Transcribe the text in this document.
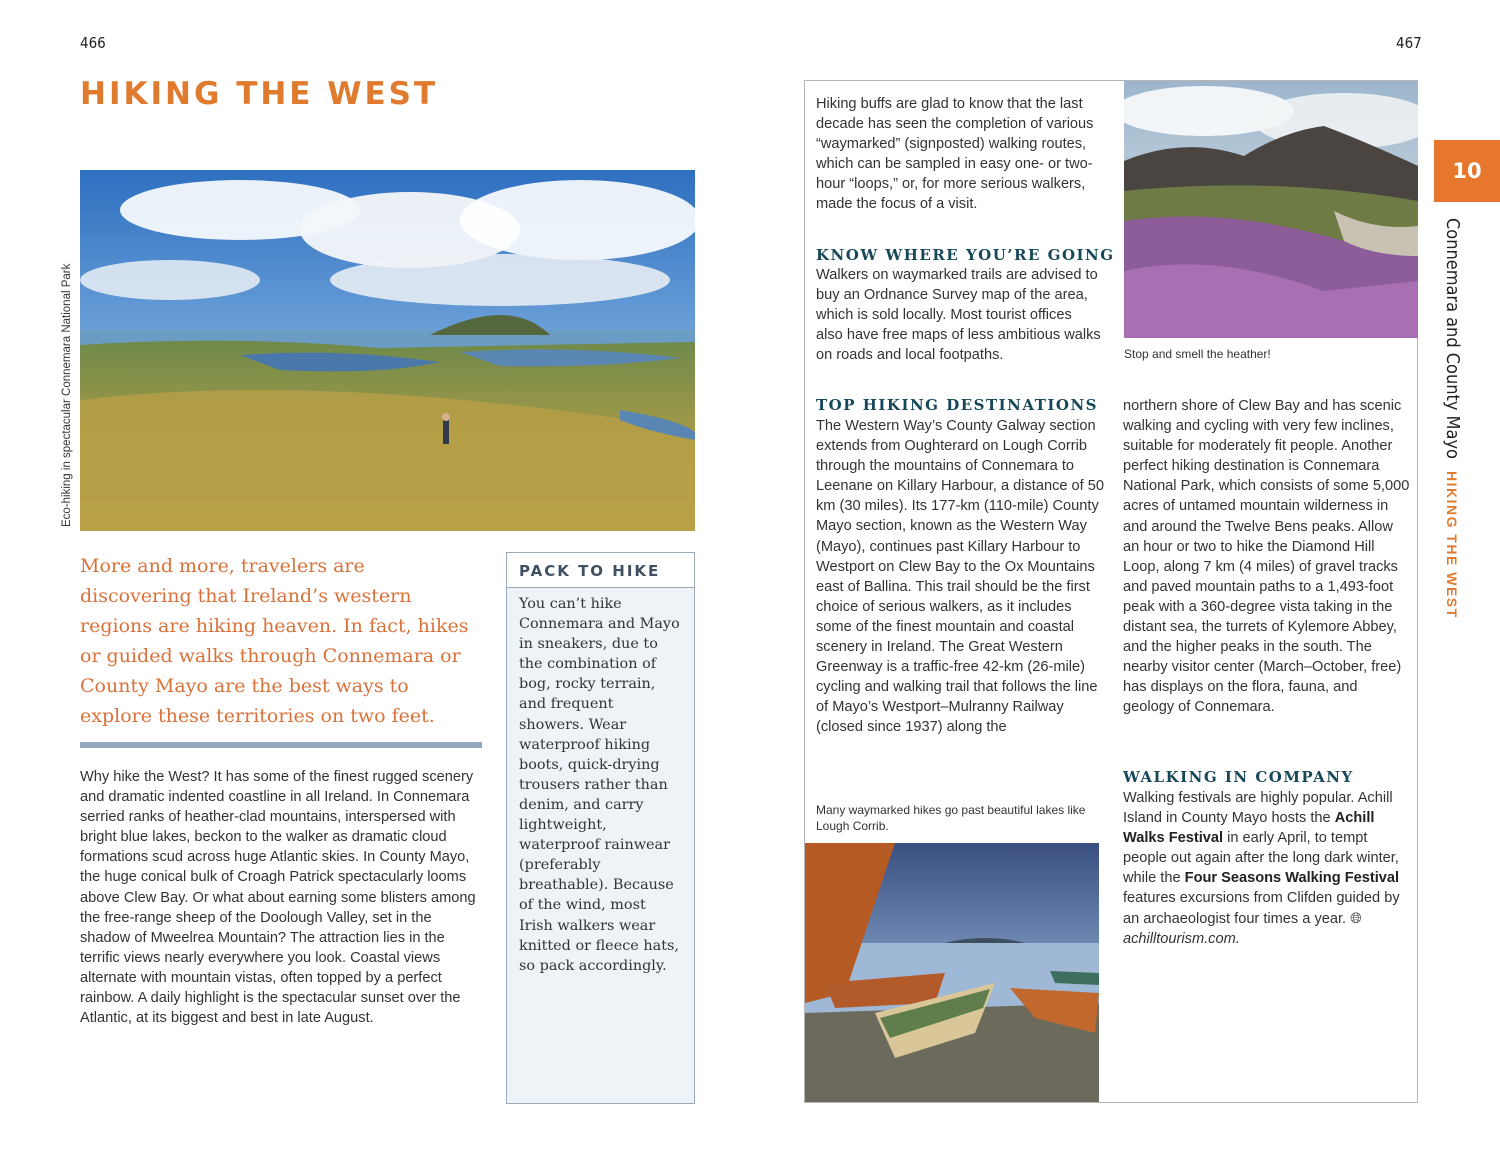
466	467
HIKING THE WEST
Eco-hiking in spectacular Connemara National Park
More and more, travelers are discovering that Ireland’s western regions are hiking heaven. In fact, hikes or guided walks through Connemara or County Mayo are the best ways to explore these territories on two feet.
Why hike the West? It has some of the finest rugged scenery and dramatic indented coastline in all Ireland. In Connemara serried ranks of heather-clad mountains, interspersed with bright blue lakes, beckon to the walker as dramatic cloud formations scud across huge Atlantic skies. In County Mayo, the huge conical bulk of Croagh Patrick spectacularly looms above Clew Bay. Or what about earning some blisters among the free-range sheep of the Doolough Valley, set in the shadow of Mweelrea Mountain? The attraction lies in the terrific views nearly everywhere you look. Coastal views alternate with mountain vistas, often topped by a perfect rainbow. A daily highlight is the spectacular sunset over the Atlantic, at its biggest and best in late August.
PACK TO HIKE
You can’t hike Connemara and Mayo in sneakers, due to the combination of bog, rocky terrain, and frequent showers. Wear waterproof hiking boots, quick-drying trousers rather than denim, and carry lightweight, waterproof rainwear (preferably breathable). Because of the wind, most Irish walkers wear knitted or fleece hats, so pack accordingly.
Hiking buffs are glad to know that the last decade has seen the completion of various “waymarked” (signposted) walking routes, which can be sampled in easy one- or two-hour “loops,” or, for more serious walkers, made the focus of a visit.
KNOW WHERE YOU’RE GOING
Walkers on waymarked trails are advised to buy an Ordnance Survey map of the area, which is sold locally. Most tourist offices also have free maps of less ambitious walks on roads and local footpaths.
TOP HIKING DESTINATIONS
The Western Way’s County Galway section extends from Oughterard on Lough Corrib through the mountains of Connemara to Leenane on Killary Harbour, a distance of 50 km (30 miles). Its 177-km (110-mile) County Mayo section, known as the Western Way (Mayo), continues past Killary Harbour to Westport on Clew Bay to the Ox Mountains east of Ballina. This trail should be the first choice of serious walkers, as it includes some of the finest mountain and coastal scenery in Ireland. The Great Western Greenway is a traffic-free 42-km (26-mile) cycling and walking trail that follows the line of Mayo’s Westport–Mulranny Railway (closed since 1937) along the
Many waymarked hikes go past beautiful lakes like Lough Corrib.
Stop and smell the heather!
northern shore of Clew Bay and has scenic walking and cycling with very few inclines, suitable for moderately fit people. Another perfect hiking destination is Connemara National Park, which consists of some 5,000 acres of untamed mountain wilderness in and around the Twelve Bens peaks. Allow an hour or two to hike the Diamond Hill Loop, along 7 km (4 miles) of gravel tracks and paved mountain paths to a 1,493-foot peak with a 360-degree vista taking in the distant sea, the turrets of Kylemore Abbey, and the higher peaks in the south. The nearby visitor center (March–October, free) has displays on the flora, fauna, and geology of Connemara.
WALKING IN COMPANY
Walking festivals are highly popular. Achill Island in County Mayo hosts the Achill Walks Festival in early April, to tempt people out again after the long dark winter, while the Four Seasons Walking Festival features excursions from Clifden guided by an archaeologist four times a year. 🌐︎achilltourism.com.
10
Connemara and County MayoHIKING THE WEST
